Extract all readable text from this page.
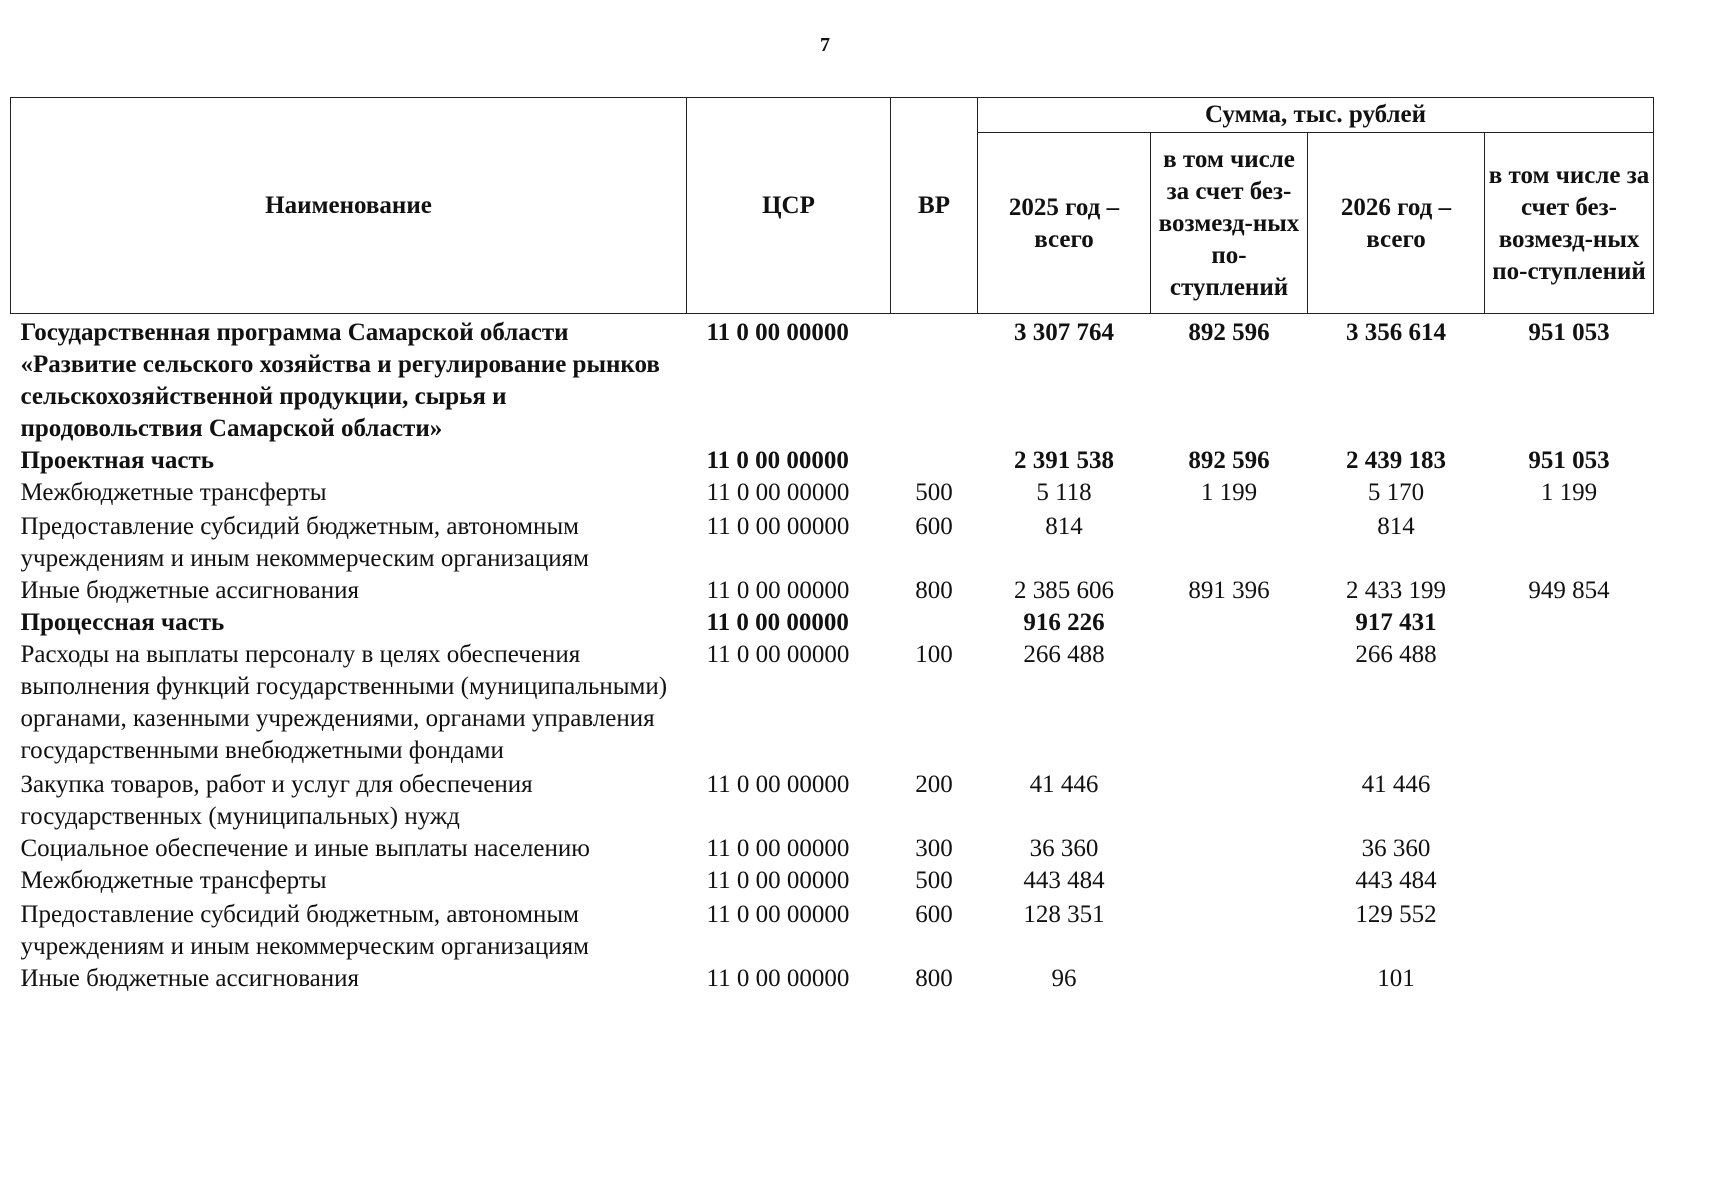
7
Наименование	ЦСР	ВР	Сумма, тыс. рублей			
			2025 год – всего	в том числе за счет без-возмезд-ных по-ступлений	2026 год – всего	в том числе за счет без-возмезд-ных по-ступлений
Государственная программа Самарской области «Развитие сельского хозяйства и регулирование рынков сельскохозяйственной продукции, сырья и продовольствия Самарской области»	11 0 00 00000		3 307 764	892 596	3 356 614	951 053
Проектная часть	11 0 00 00000		2 391 538	892 596	2 439 183	951 053
Межбюджетные трансферты	11 0 00 00000	500	5 118	1 199	5 170	1 199
Предоставление субсидий бюджетным, автономным учреждениям и иным некоммерческим организациям	11 0 00 00000	600	814		814	
Иные бюджетные ассигнования	11 0 00 00000	800	2 385 606	891 396	2 433 199	949 854
Процессная часть	11 0 00 00000		916 226		917 431	
Расходы на выплаты персоналу в целях обеспечения выполнения функций государственными (муниципальными) органами, казенными учреждениями, органами управления государственными внебюджетными фондами	11 0 00 00000	100	266 488		266 488	
Закупка товаров, работ и услуг для обеспечения государственных (муниципальных) нужд	11 0 00 00000	200	41 446		41 446	
Социальное обеспечение и иные выплаты населению	11 0 00 00000	300	36 360		36 360	
Межбюджетные трансферты	11 0 00 00000	500	443 484		443 484	
Предоставление субсидий бюджетным, автономным учреждениям и иным некоммерческим организациям	11 0 00 00000	600	128 351		129 552	
Иные бюджетные ассигнования	11 0 00 00000	800	96		101	
